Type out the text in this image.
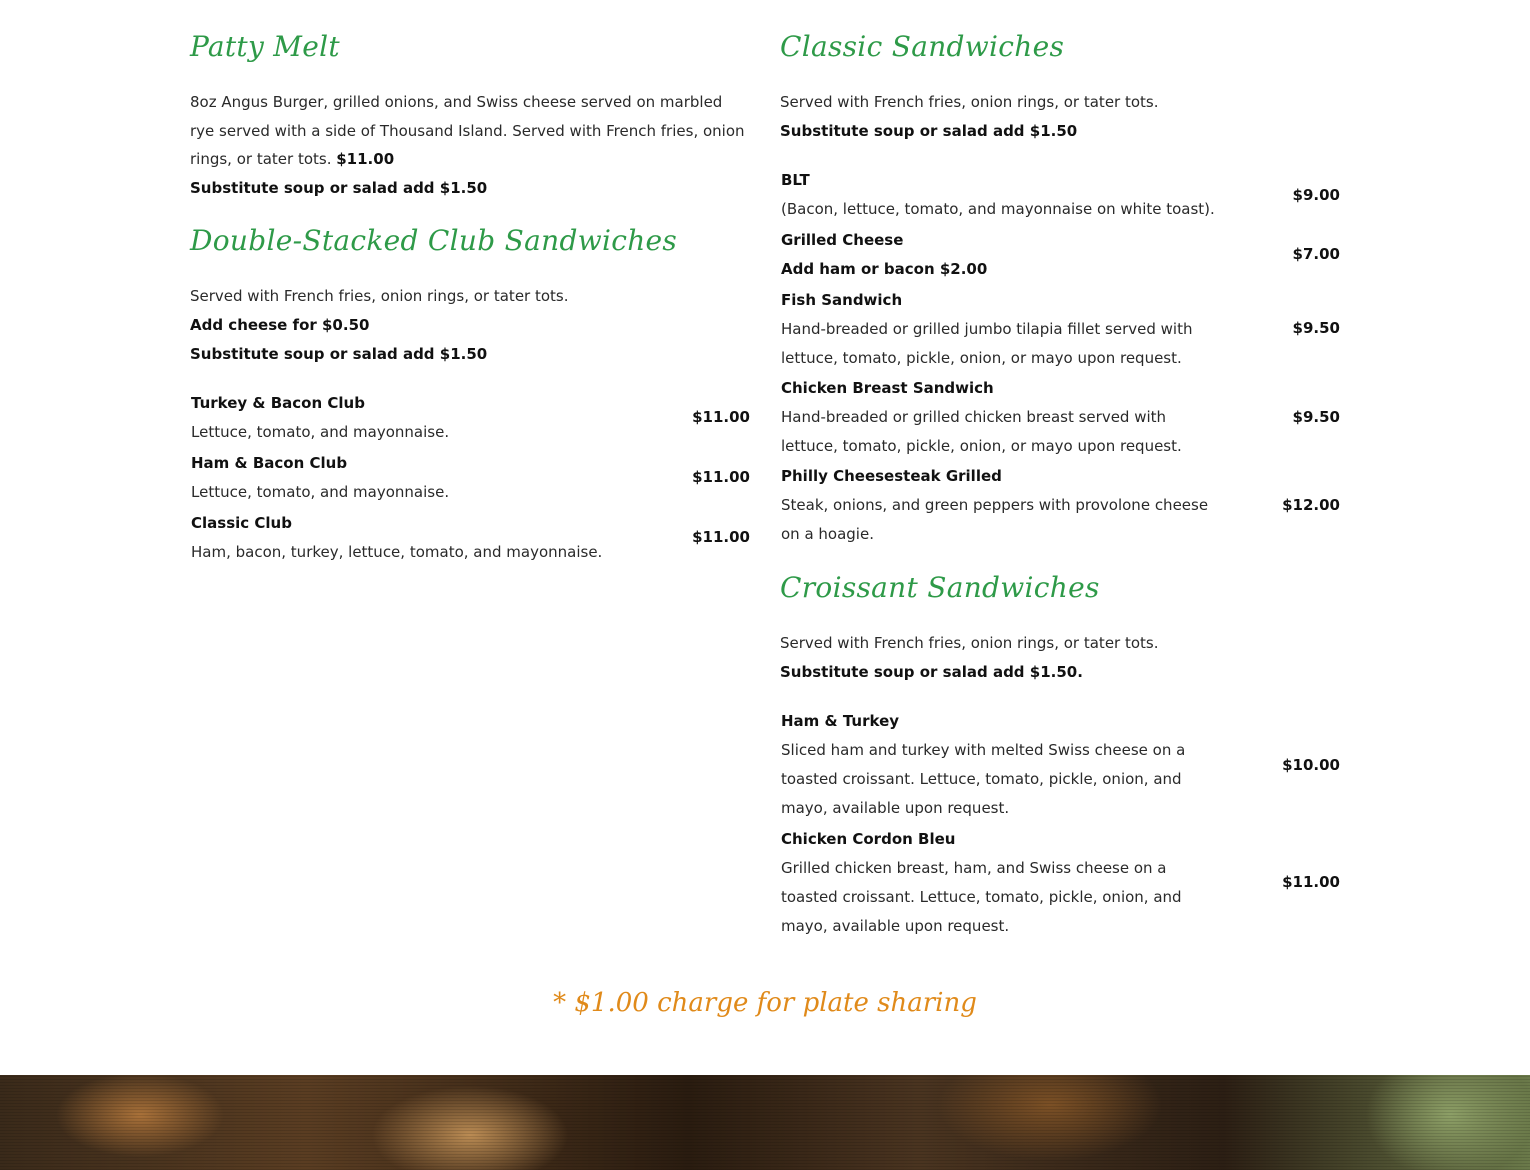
Patty Melt

8oz Angus Burger, grilled onions, and Swiss cheese served on marbled rye served with a side of Thousand Island. Served with French fries, onion rings, or tater tots. $11.00

Substitute soup or salad add $1.50

Double-Stacked Club Sandwiches

Served with French fries, onion rings, or tater tots.

Add cheese for $0.50

Substitute soup or salad add $1.50

Turkey & Bacon Club
Lettuce, tomato, and mayonnaise.
$11.00
Ham & Bacon Club
Lettuce, tomato, and mayonnaise.
$11.00
Classic Club
Ham, bacon, turkey, lettuce, tomato, and mayonnaise.
$11.00
Classic Sandwiches

Served with French fries, onion rings, or tater tots.

Substitute soup or salad add $1.50

BLT
(Bacon, lettuce, tomato, and mayonnaise on white toast).
$9.00
Grilled Cheese
Add ham or bacon $2.00
$7.00
Fish Sandwich
Hand-breaded or grilled jumbo tilapia fillet served with lettuce, tomato, pickle, onion, or mayo upon request.
$9.50
Chicken Breast Sandwich
Hand-breaded or grilled chicken breast served with lettuce, tomato, pickle, onion, or mayo upon request.
$9.50
Philly Cheesesteak Grilled
Steak, onions, and green peppers with provolone cheese on a hoagie.
$12.00
Croissant Sandwiches

Served with French fries, onion rings, or tater tots.

Substitute soup or salad add $1.50.

Ham & Turkey
Sliced ham and turkey with melted Swiss cheese on a toasted croissant. Lettuce, tomato, pickle, onion, and mayo, available upon request.
$10.00
Chicken Cordon Bleu
Grilled chicken breast, ham, and Swiss cheese on a toasted croissant. Lettuce, tomato, pickle, onion, and mayo, available upon request.
$11.00

* $1.00 charge for plate sharing
